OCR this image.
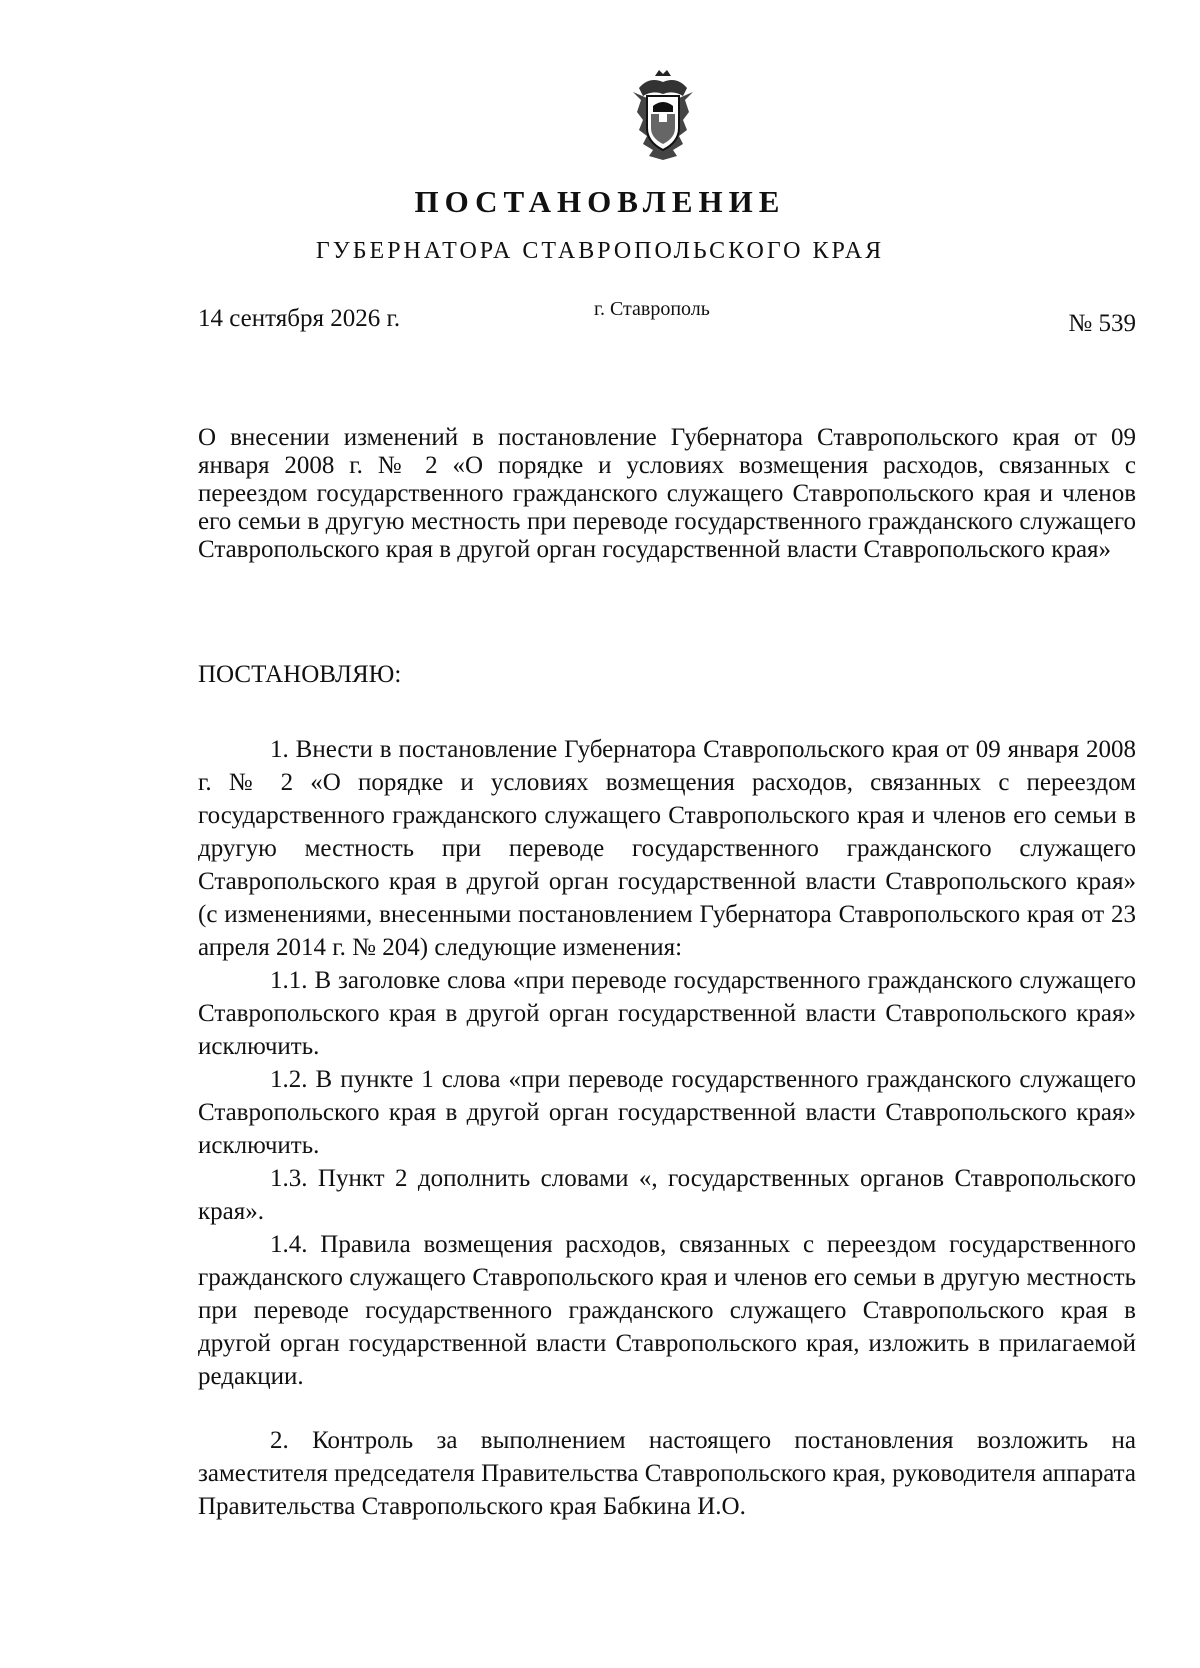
ПОСТАНОВЛЕНИЕ
ГУБЕРНАТОРА СТАВРОПОЛЬСКОГО КРАЯ
14 сентября 2026 г.	г. Ставрополь
№ 539
О внесении изменений в постановление Губернатора Ставропольского края от 09 января 2008 г. № 2 «О порядке и условиях возмещения расходов, связанных с переездом государственного гражданского служащего Ставропольского края и членов его семьи в другую местность при переводе государственного гражданского служащего Ставропольского края в другой орган государственной власти Ставропольского края»
ПОСТАНОВЛЯЮ:

1. Внести в постановление Губернатора Ставропольского края от 09 января 2008 г. № 2 «О порядке и условиях возмещения расходов, связанных с переездом государственного гражданского служащего Ставропольского края и членов его семьи в другую местность при переводе государственного гражданского служащего Ставропольского края в другой орган государственной власти Ставропольского края» (с изменениями, внесенными постановлением Губернатора Ставропольского края от 23 апреля 2014 г. № 204) следующие изменения:

1.1. В заголовке слова «при переводе государственного гражданского служащего Ставропольского края в другой орган государственной власти Ставропольского края» исключить.

1.2. В пункте 1 слова «при переводе государственного гражданского служащего Ставропольского края в другой орган государственной власти Ставропольского края» исключить.

1.3. Пункт 2 дополнить словами «, государственных органов Ставропольского края».

1.4. Правила возмещения расходов, связанных с переездом государственного гражданского служащего Ставропольского края и членов его семьи в другую местность при переводе государственного гражданского служащего Ставропольского края в другой орган государственной власти Ставропольского края, изложить в прилагаемой редакции.

2. Контроль за выполнением настоящего постановления возложить на заместителя председателя Правительства Ставропольского края, руководителя аппарата Правительства Ставропольского края Бабкина И.О.
